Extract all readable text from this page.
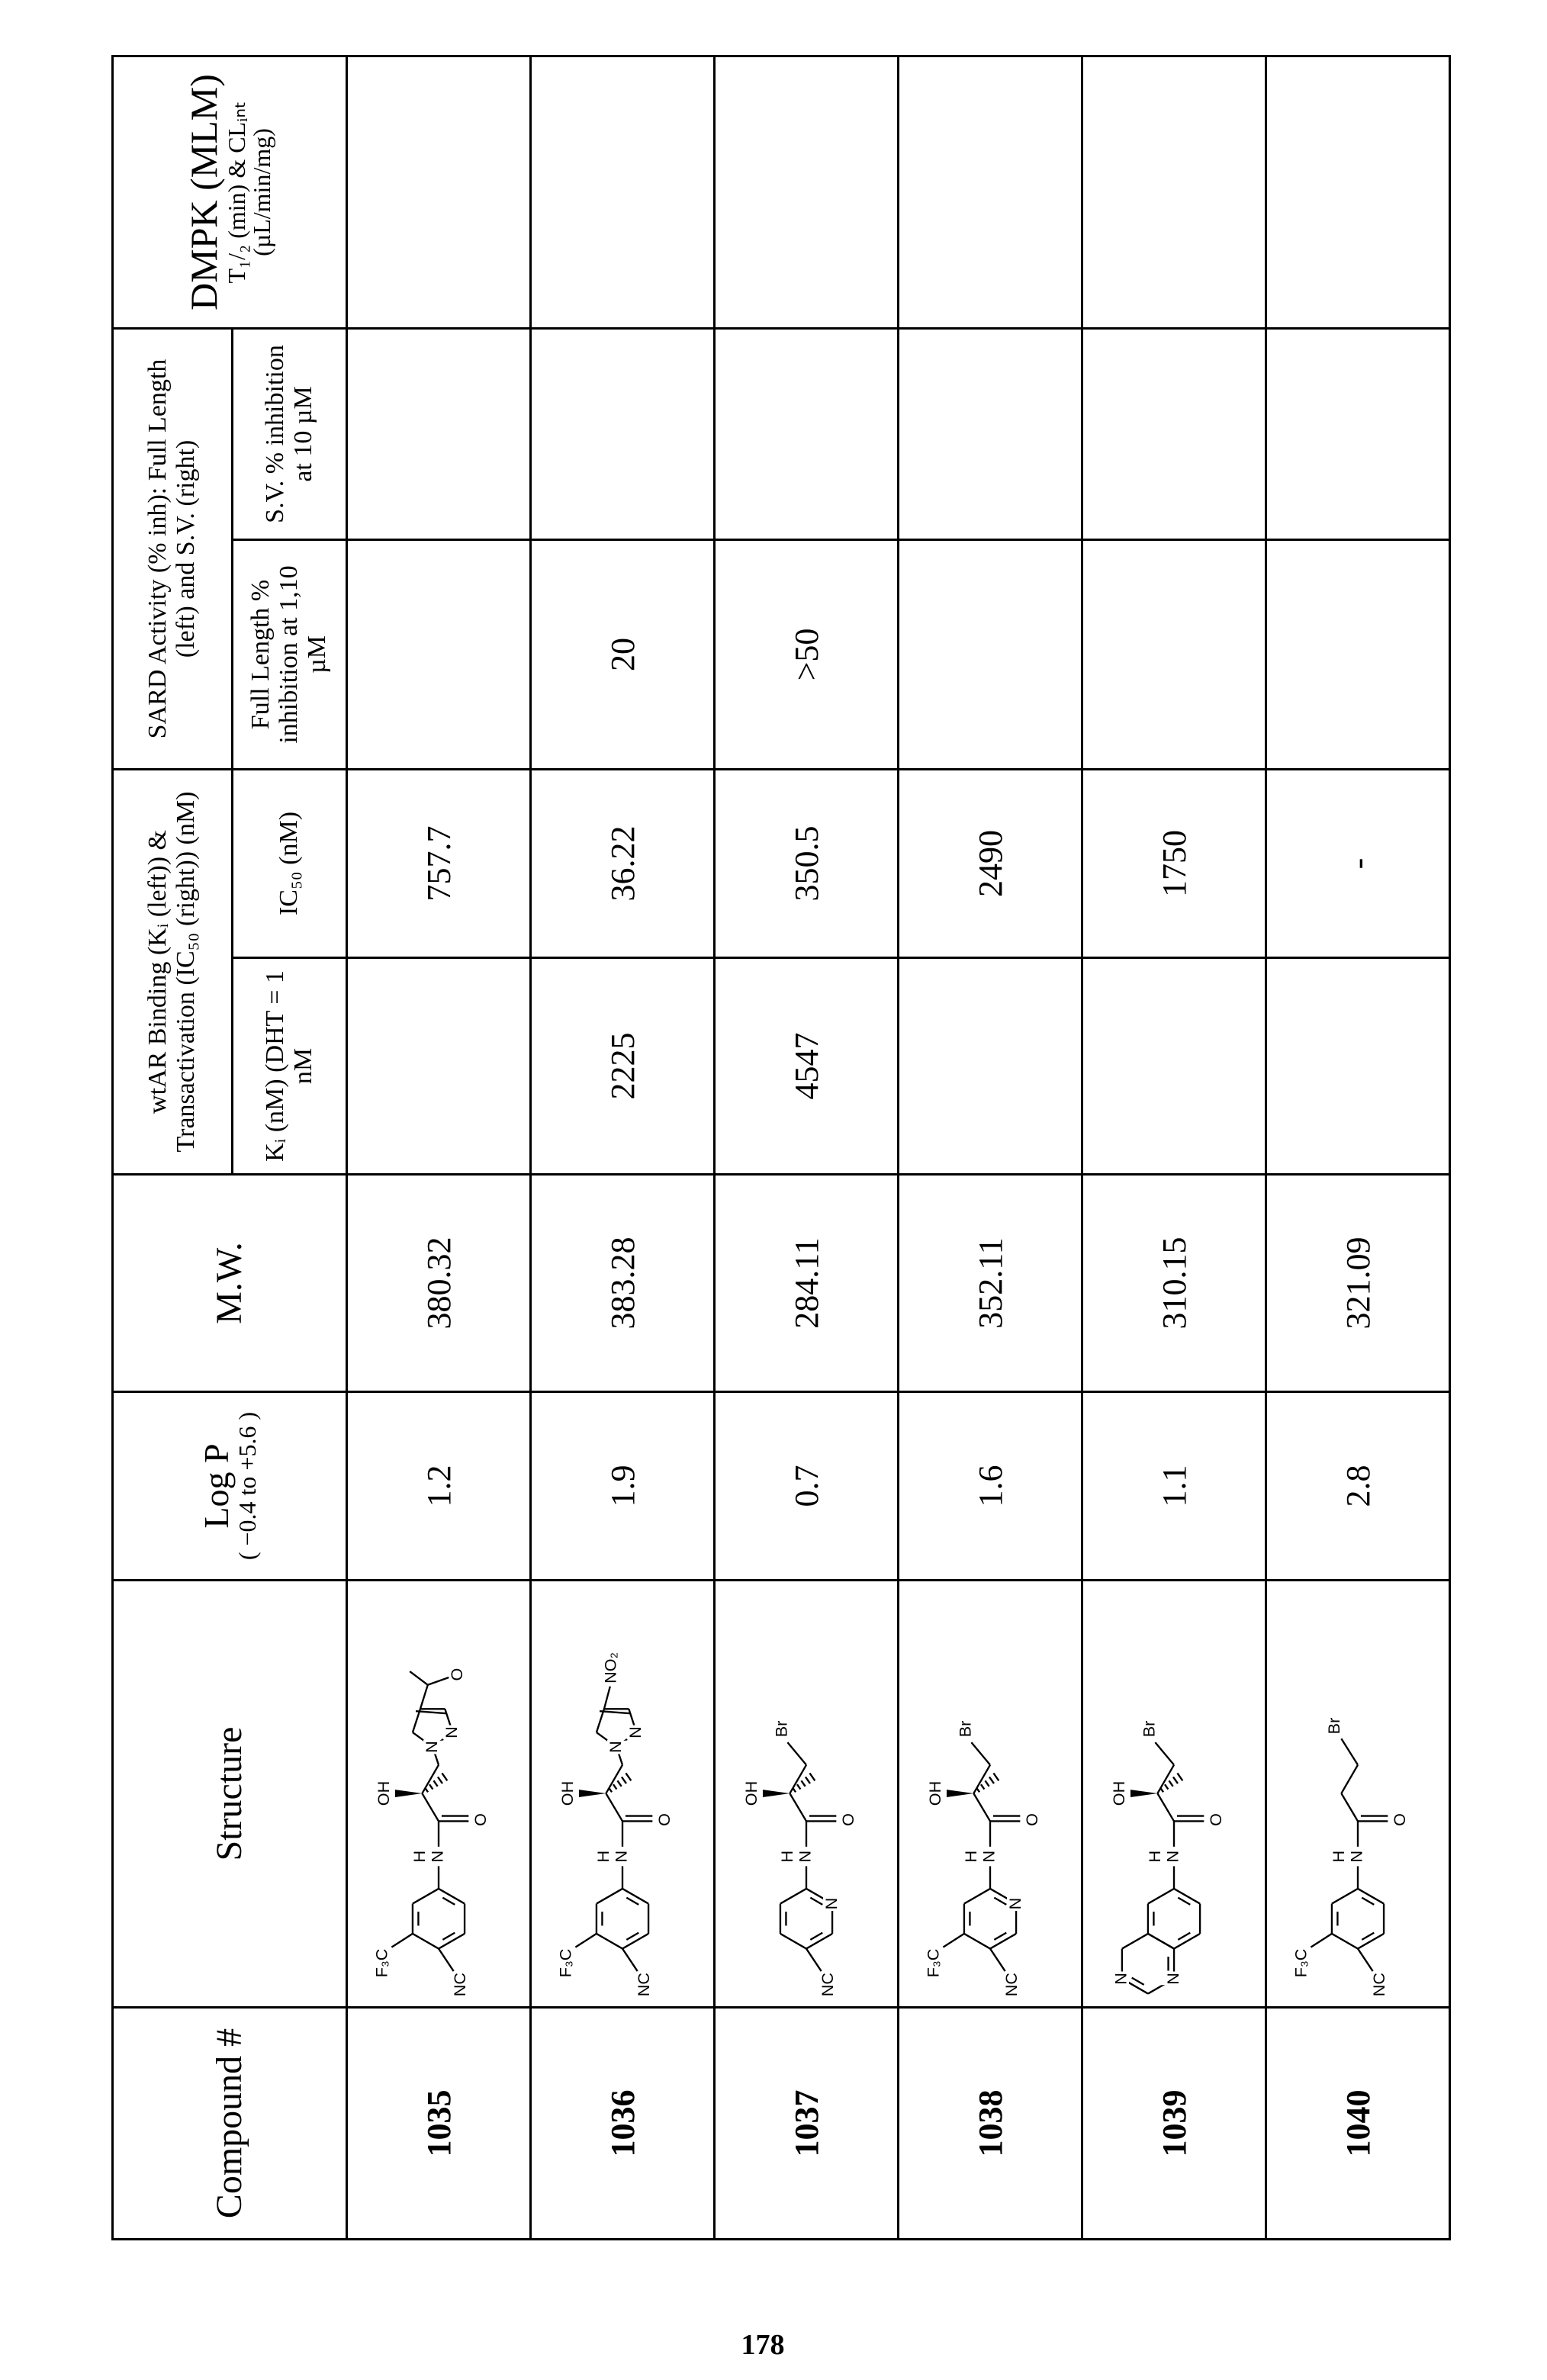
Compound #	Structure	
Log P
( −0.4 to +5.6 )
	M.W.	wtAR Binding (Kᵢ (left)) & Transactivation (IC₅₀ (right)) (nM)	SARD Activity (% inh): Full Length (left) and S.V. (right)	
DMPK (MLM)
T₁/₂ (min) & CLᵢₙₜ (µL/min/mg)

Kᵢ (nM) (DHT = 1 nM	IC₅₀ (nM)	Full Length % inhibition at 1,10 µM	S.V. % inhibition at 10 µM
1035	
F₃C
NC
N
H
O
OH
N
N
O
	1.2	380.32		757.7			
1036	
F₃C
NC
N
H
O
OH
N
N
NO₂
	1.9	383.28	2225	36.22	20		
1037	
N
NC
N
H
O
OH
Br
	0.7	284.11	4547	350.5	>50		
1038	
N
F₃C
NC
N
H
O
OH
Br
	1.6	352.11		2490			
1039	
N
N
N
H
O
OH
Br
	1.1	310.15		1750			
1040	
F₃C
NC
N
H
O
Br
	2.8	321.09		-			
178
